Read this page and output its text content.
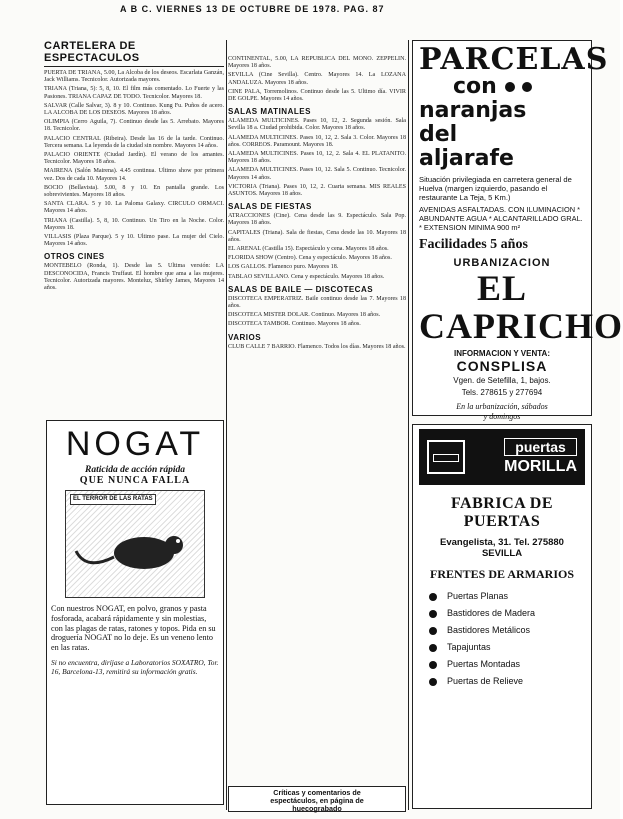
A B C. VIERNES 13 DE OCTUBRE DE 1978. PAG. 87
CARTELERA DE ESPECTACULOS

PUERTA DE TRIANA, 5.00, La Alcoba de los deseos. Escarlata Ganzán, Jack Williams. Tecnicolor. Autorizada mayores.

TRIANA (Triana, 5): 5, 8, 10. El film más comentado. Lo Fuerte y las Pasiones. TRIANA CAPAZ DE TODO. Tecnicolor. Mayores 18.

SALVAR (Calle Salvar, 3). 8 y 10. Continuo. Kung Fu. Puños de acero. LA ALCOBA DE LOS DESEOS. Mayores 18 años.

OLIMPIA (Cerro Aguila, 7). Continuo desde las 5. Arrebato. Mayores 18. Tecnicolor.

PALACIO CENTRAL (Ribeira). Desde las 16 de la tarde. Continuo. Tercera semana. La leyenda de la ciudad sin nombre. Mayores 14 años.

PALACIO ORIENTE (Ciudad Jardín). El verano de los amantes. Tecnicolor. Mayores 18 años.

MAIRENA (Salón Mairena). 4.45 continua. Ultimo show por primera vez. Dos de cada 10. Mayores 14.

BOCIO (Bellavista). 5.00, 8 y 10. En pantalla grande. Los sobrevivientes. Mayores 18 años.

SANTA CLARA. 5 y 10. La Paloma Galaxy. CIRCULO ORMACI. Mayores 14 años.

TRIANA (Castilla). 5, 8, 10. Continuo. Un Tiro en la Noche. Color. Mayores 18.

VILLASIS (Plaza Parque). 5 y 10. Ultimo pase. La mujer del Cielo. Mayores 14 años.

OTROS CINES

MONTEBELO (Ronda, 1). Desde las 5. Ultima versión: LA DESCONOCIDA, Francis Truffaut. El hombre que ama a las mujeres. Tecnicolor. Autorizada mayores. Monteluz, Shirley James, Mayores 14 años.

NOGAT
Raticida de acción rápida
QUE NUNCA FALLA
EL TERROR DE LAS RATAS
Con nuestros NOGAT, en polvo, granos y pasta fosforada, acabará rápidamente y sin molestias, con las plagas de ratas, ratones y topos. Pida en su droguería NOGAT no lo deje. Es un veneno lento en las ratas.
Si no encuentra, diríjase a Laboratorios SOXATRO, Tor. 16, Barcelona-13, remitirá su información gratis.

CONTINENTAL, 5.00, LA REPUBLICA DEL MONO. ZEPPELIN. Mayores 18 años.

SEVILLA (Cine Sevilla). Centro. Mayores 14. La LOZANA ANDALUZA. Mayores 18 años.

CINE PALA, Torremolinos. Continuo desde las 5. Ultimo día. VIVIR DE GOLPE. Mayores 14 años.

SALAS MATINALES

ALAMEDA MULTICINES. Pases 10, 12, 2. Segunda sesión. Sala Sevilla 18 a. Ciudad prohibida. Color. Mayores 18 años.

ALAMEDA MULTICINES. Pases 10, 12, 2. Sala 3. Color. Mayores 18 años. CORREOS. Paramount. Mayores 18.

ALAMEDA MULTICINES. Pases 10, 12, 2. Sala 4. EL PLATANITO. Mayores 18 años.

ALAMEDA MULTICINES. Pases 10, 12. Sala 5. Continuo. Tecnicolor. Mayores 14 años.

VICTORIA (Triana). Pases 10, 12, 2. Cuarta semana. MIS REALES ASUNTOS. Mayores 18 años.

SALAS DE FIESTAS

ATRACCIONES (Cine). Cena desde las 9. Espectáculo. Sala Pop. Mayores 18 años.

CAPITALES (Triana). Sala de fiestas, Cena desde las 10. Mayores 18 años.

EL ARENAL (Castilla 15). Espectáculo y cena. Mayores 18 años.

FLORIDA SHOW (Centro). Cena y espectáculo. Mayores 18 años.

LOS GALLOS. Flamenco puro. Mayores 18.

TABLAO SEVILLANO. Cena y espectáculo. Mayores 18 años.

SALAS DE BAILE — DISCOTECAS

DISCOTECA EMPERATRIZ. Baile continuo desde las 7. Mayores 18 años.

DISCOTECA MISTER DOLAR. Continuo. Mayores 18 años.

DISCOTECA TAMBOR. Continuo. Mayores 18 años.

VARIOS

CLUB CALLE 7 BARRIO. Flamenco. Todos los días. Mayores 18 años.

Críticas y comentarios de
espectáculos, en página de
huecograbado
PARCELAS
con
naranjas
del
aljarafe
Situación privilegiada en carretera general de Huelva (margen izquierdo, pasando el restaurante La Teja, 5 Km.)
AVENIDAS ASFALTADAS. CON ILUMINACION * ABUNDANTE AGUA * ALCANTARILLADO GRAL. * EXTENSION MINIMA 900 m²
Facilidades 5 años
URBANIZACION
EL CAPRICHO
INFORMACION Y VENTA:
CONSPLISA
Vgen. de Setefilla, 1, bajos.
Tels. 278615 y 277694
En la urbanización, sábados
y domingos
puertas
MORILLA
FABRICA DE PUERTAS
Evangelista, 31. Tel. 275880
SEVILLA
FRENTES DE ARMARIOS
Puertas Planas
Bastidores de Madera
Bastidores Metálicos
Tapajuntas
Puertas Montadas
Puertas de Relieve
